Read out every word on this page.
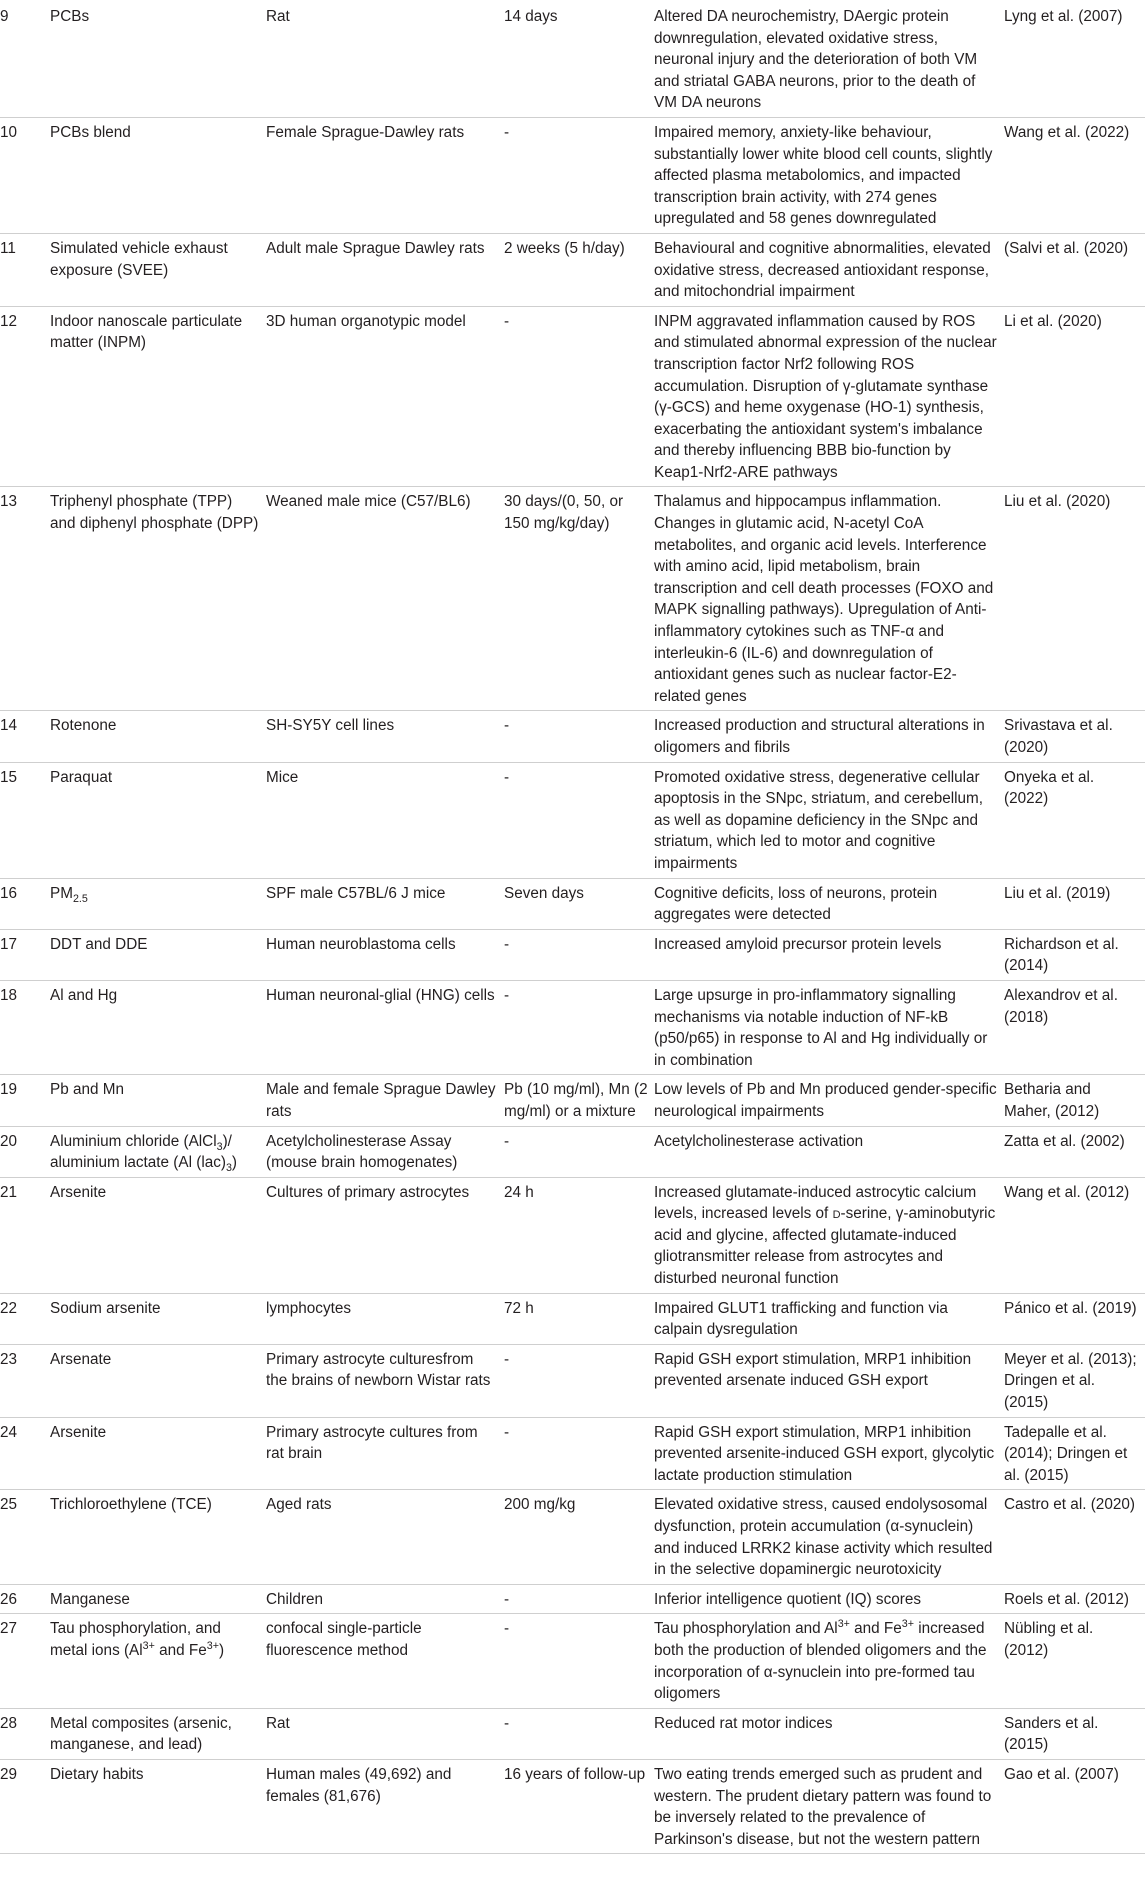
9	PCBs	Rat	14 days	Altered DA neurochemistry, DAergic protein downregulation, elevated oxidative stress, neuronal injury and the deterioration of both VM and striatal GABA neurons, prior to the death of VM DA neurons	Lyng et al. (2007)
10	PCBs blend	Female Sprague-Dawley rats	-	Impaired memory, anxiety-like behaviour, substantially lower white blood cell counts, slightly affected plasma metabolomics, and impacted transcription brain activity, with 274 genes upregulated and 58 genes downregulated	Wang et al. (2022)
11	Simulated vehicle exhaust exposure (SVEE)	Adult male Sprague Dawley rats	2 weeks (5 h/day)	Behavioural and cognitive abnormalities, elevated oxidative stress, decreased antioxidant response, and mitochondrial impairment	(Salvi et al. (2020)
12	Indoor nanoscale particulate matter (INPM)	3D human organotypic model	-	INPM aggravated inflammation caused by ROS and stimulated abnormal expression of the nuclear transcription factor Nrf2 following ROS accumulation. Disruption of γ-glutamate synthase (γ-GCS) and heme oxygenase (HO-1) synthesis, exacerbating the antioxidant system's imbalance and thereby influencing BBB bio-function by Keap1-Nrf2-ARE pathways	Li et al. (2020)
13	Triphenyl phosphate (TPP) and diphenyl phosphate (DPP)	Weaned male mice (C57/BL6)	30 days/(0, 50, or 150 mg/kg/day)	Thalamus and hippocampus inflammation. Changes in glutamic acid, N-acetyl CoA metabolites, and organic acid levels. Interference with amino acid, lipid metabolism, brain transcription and cell death processes (FOXO and MAPK signalling pathways). Upregulation of Anti-inflammatory cytokines such as TNF-α and interleukin-6 (IL-6) and downregulation of antioxidant genes such as nuclear factor-E2-related genes	Liu et al. (2020)
14	Rotenone	SH-SY5Y cell lines	-	Increased production and structural alterations in oligomers and fibrils	Srivastava et al. (2020)
15	Paraquat	Mice	-	Promoted oxidative stress, degenerative cellular apoptosis in the SNpc, striatum, and cerebellum, as well as dopamine deficiency in the SNpc and striatum, which led to motor and cognitive impairments	Onyeka et al. (2022)
16	$PM_{2.5}$	SPF male C57BL/6 J mice	Seven days	Cognitive deficits, loss of neurons, protein aggregates were detected	Liu et al. (2019)
17	DDT and DDE	Human neuroblastoma cells	-	Increased amyloid precursor protein levels	Richardson et al. (2014)
18	Al and Hg	Human neuronal-glial (HNG) cells	-	Large upsurge in pro-inflammatory signalling mechanisms via notable induction of NF-kB (p50/p65) in response to Al and Hg individually or in combination	Alexandrov et al. (2018)
19	Pb and Mn	Male and female Sprague Dawley rats	Pb (10 mg/ml), Mn (2 mg/ml) or a mixture	Low levels of Pb and Mn produced gender-specific neurological impairments	Betharia and Maher, (2012)
20	Aluminium chloride (AlCl$_3$)/ aluminium lactate (Al $(lac)_3$)	Acetylcholinesterase Assay (mouse brain homogenates)	-	Acetylcholinesterase activation	Zatta et al. (2002)
21	Arsenite	Cultures of primary astrocytes	24 h	Increased glutamate-induced astrocytic calcium levels, increased levels of d-serine, γ-aminobutyric acid and glycine, affected glutamate-induced gliotransmitter release from astrocytes and disturbed neuronal function	Wang et al. (2012)
22	Sodium arsenite	lymphocytes	72 h	Impaired GLUT1 trafficking and function via calpain dysregulation	Pánico et al. (2019)
23	Arsenate	Primary astrocyte culturesfrom the brains of newborn Wistar rats	-	Rapid GSH export stimulation, MRP1 inhibition prevented arsenate induced GSH export	Meyer et al. (2013); Dringen et al. (2015)
24	Arsenite	Primary astrocyte cultures from rat brain	-	Rapid GSH export stimulation, MRP1 inhibition prevented arsenite-induced GSH export, glycolytic lactate production stimulation	Tadepalle et al. (2014); Dringen et al. (2015)
25	Trichloroethylene (TCE)	Aged rats	200 mg/kg	Elevated oxidative stress, caused endolysosomal dysfunction, protein accumulation (α-synuclein) and induced LRRK2 kinase activity which resulted in the selective dopaminergic neurotoxicity	Castro et al. (2020)
26	Manganese	Children	-	Inferior intelligence quotient (IQ) scores	Roels et al. (2012)
27	Tau phosphorylation, and metal ions ($Al^{3+}$ and $Fe^{3+}$)	confocal single-particle fluorescence method	-	Tau phosphorylation and $Al^{3+}$ and $Fe^{3+}$ increased both the production of blended oligomers and the incorporation of α-synuclein into pre-formed tau oligomers	Nübling et al. (2012)
28	Metal composites (arsenic, manganese, and lead)	Rat	-	Reduced rat motor indices	Sanders et al. (2015)
29	Dietary habits	Human males (49,692) and females (81,676)	16 years of follow-up	Two eating trends emerged such as prudent and western. The prudent dietary pattern was found to be inversely related to the prevalence of Parkinson's disease, but not the western pattern	Gao et al. (2007)
